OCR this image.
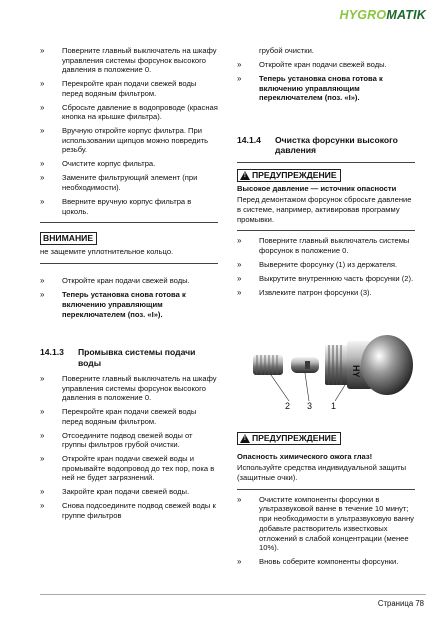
HYGROMATIK
»	Поверните главный выключатель на шкафу управления системы форсунок высокого давления в положение 0.
»	Перекройте кран подачи свежей воды перед водяным фильтром.
»	Сбросьте давление в водопроводе (красная кнопка на крышке фильтра).
»	Вручную откройте корпус фильтра. При использовании щипцов можно повредить резьбу.
»	Очистите корпус фильтра.
»	Замените фильтрующий элемент (при необходимости).
»	Вверните вручную корпус фильтра в цоколь.
ВНИМАНИЕ
не защемите уплотнительное кольцо.
»	Откройте кран подачи свежей воды.
»	Теперь установка снова готова к включению управляющим переключателем (поз. «I»).
14.1.3	Промывка системы подачи воды
»	Поверните главный выключатель на шкафу управления системы форсунок высокого давления в положение 0.
»	Перекройте кран подачи свежей воды перед водяным фильтром.
»	Отсоедините подвод свежей воды от группы фильтров грубой очистки.
»	Откройте кран подачи свежей воды и промывайте водопровод до тех пор, пока в ней не будет загрязнений.
»	Закройте кран подачи свежей воды.
»	Снова подсоедините подвод свежей воды к группе фильтров
грубой очистки.
»	Откройте кран подачи свежей воды.
»	Теперь установка снова готова к включению управляющим переключателем (поз. «I»).
14.1.4	Очистка форсунки высокого давления
!
ПРЕДУПРЕЖДЕНИЕ
Высокое давление — источник опасности
Перед демонтажом форсунок сбросьте давление в системе, например, активировав программу промывки.
»	Поверните главный выключатель системы форсунок в положение 0.
»	Выверните форсунку (1) из держателя.
»	Выкрутите внутреннюю часть форсунки (2).
»	Извлеките патрон форсунки (3).
HY
2 3 1
!
ПРЕДУПРЕЖДЕНИЕ
Опасность химического ожога глаз!
Используйте средства индивидуальной защиты (защитные очки).
»	Очистите компоненты форсунки в ультразвуковой ванне в течение 10 минут; при необходимости в ультразвуковую ванну добавьте растворитель известковых отложений в слабой концентрации (менее 10%).
»	Вновь соберите компоненты форсунки.
Страница 78
